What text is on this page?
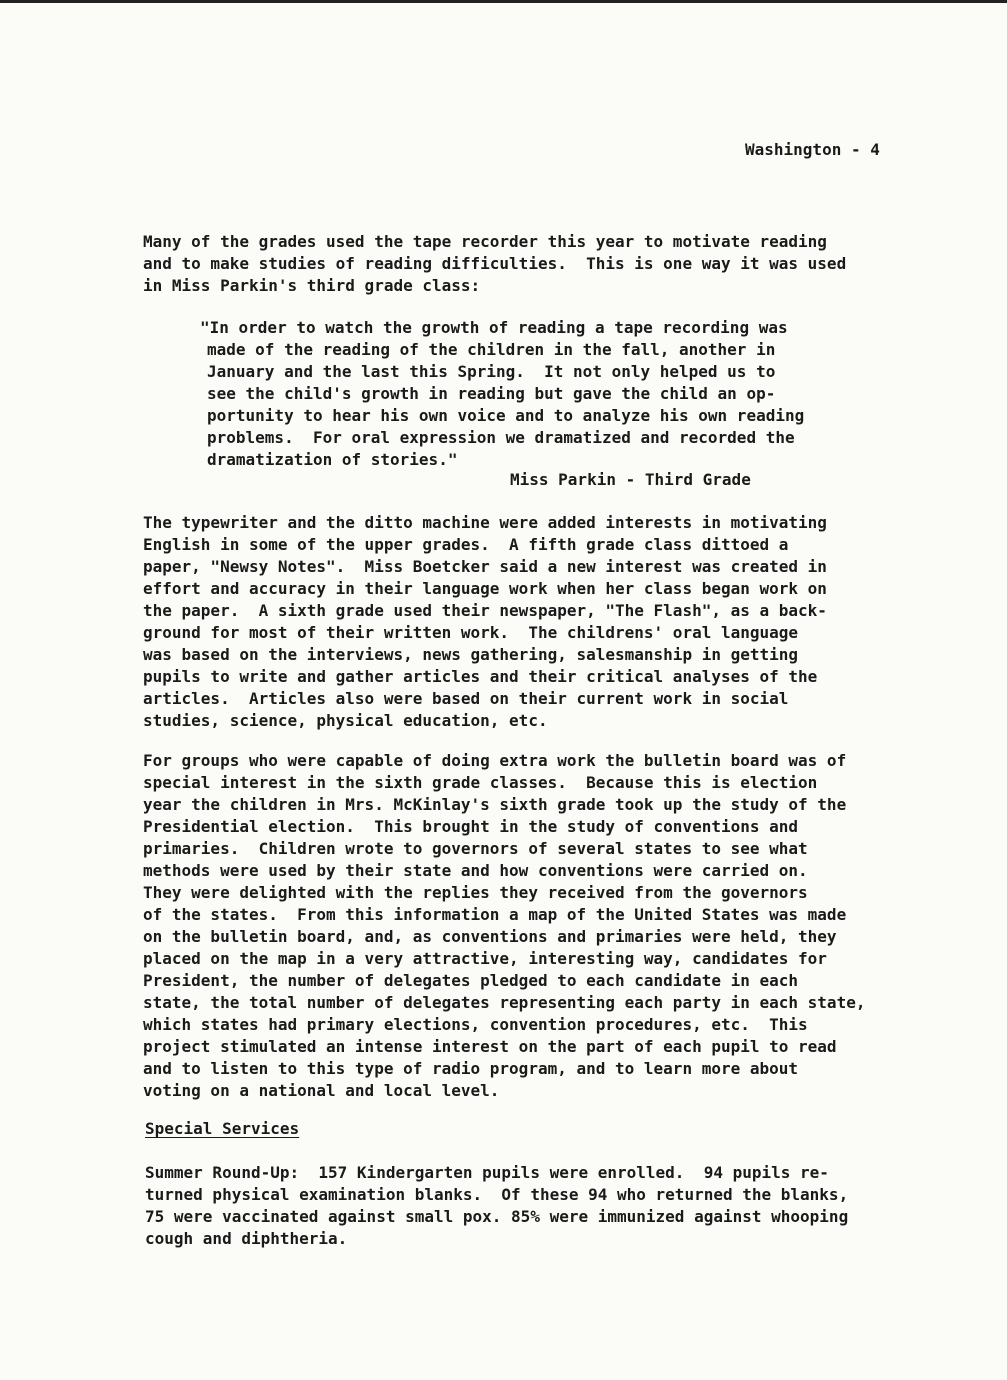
Washington - 4
Many of the grades used the tape recorder this year to motivate reading
and to make studies of reading difficulties.  This is one way it was used
in Miss Parkin's third grade class:
"In order to watch the growth of reading a tape recording was
made of the reading of the children in the fall, another in
January and the last this Spring.  It not only helped us to
see the child's growth in reading but gave the child an op-
portunity to hear his own voice and to analyze his own reading
problems.  For oral expression we dramatized and recorded the
dramatization of stories."
Miss Parkin - Third Grade
The typewriter and the ditto machine were added interests in motivating
English in some of the upper grades.  A fifth grade class dittoed a
paper, "Newsy Notes".  Miss Boetcker said a new interest was created in
effort and accuracy in their language work when her class began work on
the paper.  A sixth grade used their newspaper, "The Flash", as a back-
ground for most of their written work.  The childrens' oral language
was based on the interviews, news gathering, salesmanship in getting
pupils to write and gather articles and their critical analyses of the
articles.  Articles also were based on their current work in social
studies, science, physical education, etc.
For groups who were capable of doing extra work the bulletin board was of
special interest in the sixth grade classes.  Because this is election
year the children in Mrs. McKinlay's sixth grade took up the study of the
Presidential election.  This brought in the study of conventions and
primaries.  Children wrote to governors of several states to see what
methods were used by their state and how conventions were carried on.
They were delighted with the replies they received from the governors
of the states.  From this information a map of the United States was made
on the bulletin board, and, as conventions and primaries were held, they
placed on the map in a very attractive, interesting way, candidates for
President, the number of delegates pledged to each candidate in each
state, the total number of delegates representing each party in each state,
which states had primary elections, convention procedures, etc.  This
project stimulated an intense interest on the part of each pupil to read
and to listen to this type of radio program, and to learn more about
voting on a national and local level.
Special Services
Summer Round-Up:  157 Kindergarten pupils were enrolled.  94 pupils re-
turned physical examination blanks.  Of these 94 who returned the blanks,
75 were vaccinated against small pox. 85% were immunized against whooping
cough and diphtheria.
